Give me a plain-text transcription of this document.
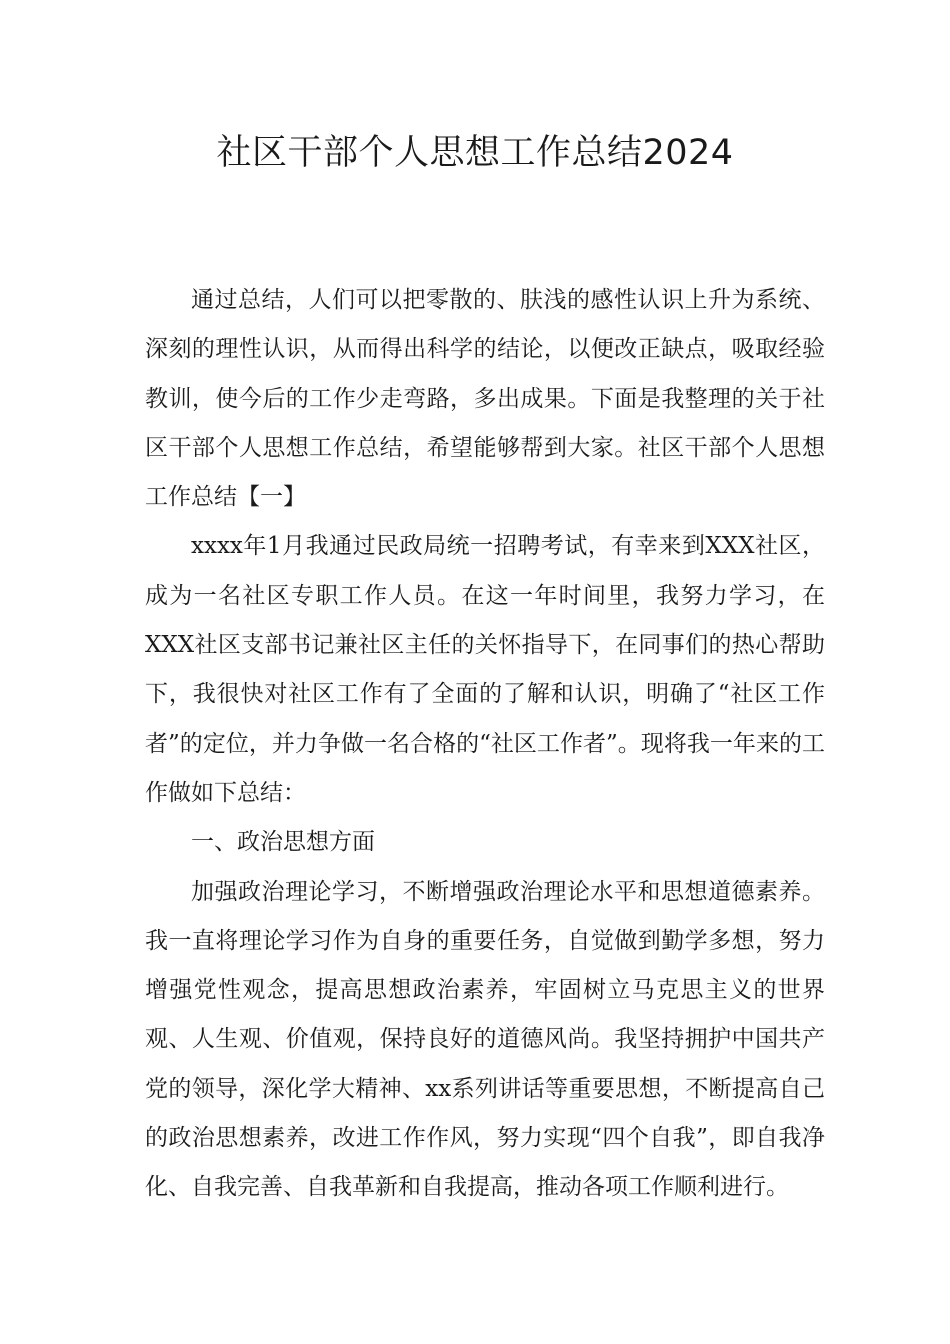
社区干部个人思想工作总结2024

通过总结，人们可以把零散的、肤浅的感性认识上升为系统、深刻的理性认识，从而得出科学的结论，以便改正缺点，吸取经验教训，使今后的工作少走弯路，多出成果。下面是我整理的关于社区干部个人思想工作总结，希望能够帮到大家。社区干部个人思想工作总结【一】

xxxx年1月我通过民政局统一招聘考试，有幸来到XXX社区，成为一名社区专职工作人员。在这一年时间里，我努力学习，在XXX社区支部书记兼社区主任的关怀指导下，在同事们的热心帮助下，我很快对社区工作有了全面的了解和认识，明确了“社区工作者”的定位，并力争做一名合格的“社区工作者”。现将我一年来的工作做如下总结：

一、政治思想方面

加强政治理论学习，不断增强政治理论水平和思想道德素养。我一直将理论学习作为自身的重要任务，自觉做到勤学多想，努力增强党性观念，提高思想政治素养，牢固树立马克思主义的世界观、人生观、价值观，保持良好的道德风尚。我坚持拥护中国共产党的领导，深化学大精神、xx系列讲话等重要思想，不断提高自己的政治思想素养，改进工作作风，努力实现“四个自我”，即自我净化、自我完善、自我革新和自我提高，推动各项工作顺利进行。
